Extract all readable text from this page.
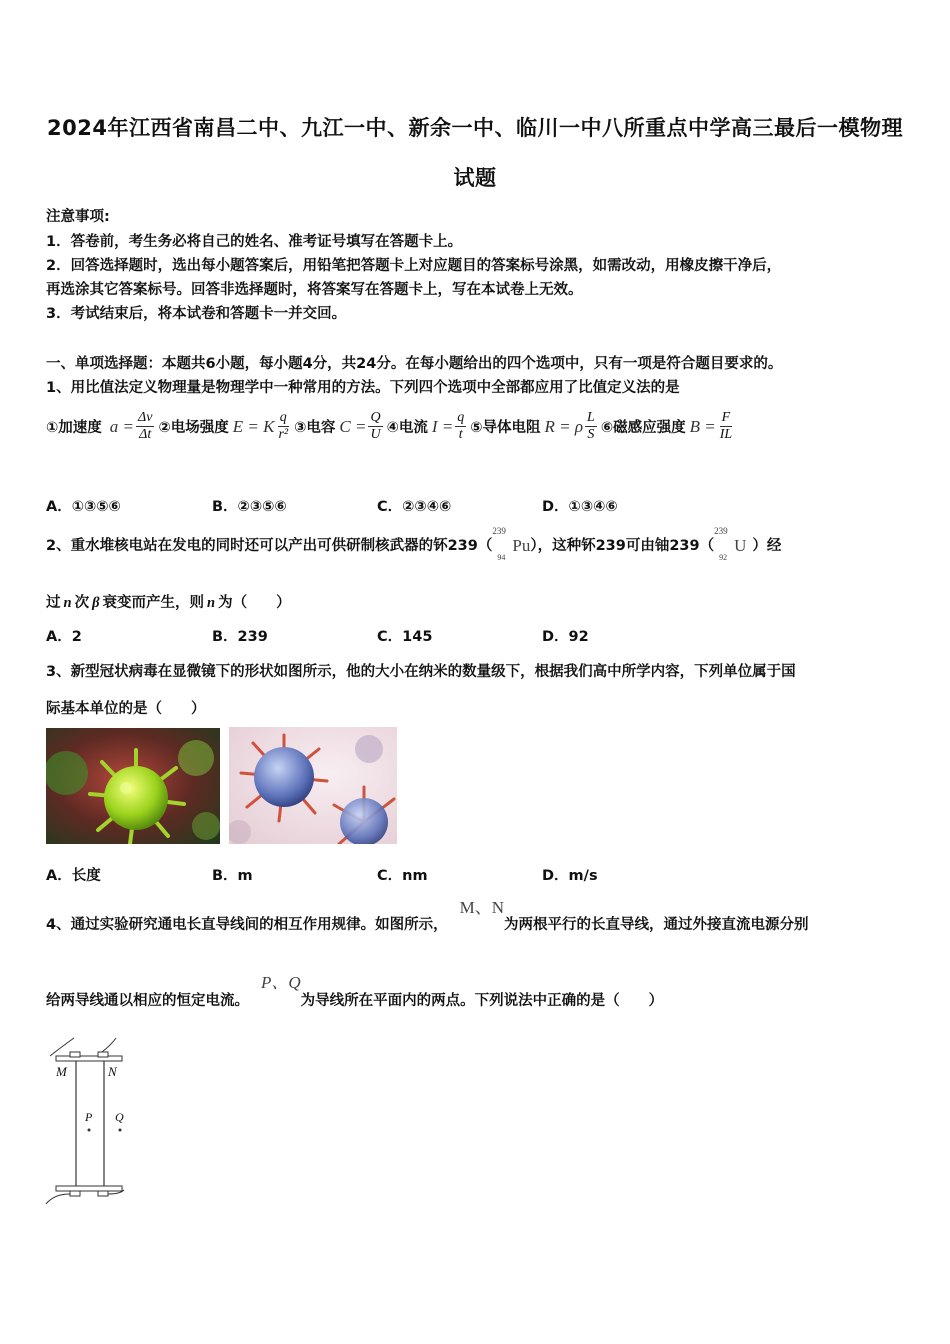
2024年江西省南昌二中、九江一中、新余一中、临川一中八所重点中学高三最后一模物理
试题
注意事项:
1．答卷前，考生务必将自己的姓名、准考证号填写在答题卡上。
2．回答选择题时，选出每小题答案后，用铅笔把答题卡上对应题目的答案标号涂黑，如需改动，用橡皮擦干净后，
再选涂其它答案标号。回答非选择题时，将答案写在答题卡上，写在本试卷上无效。
3．考试结束后，将本试卷和答题卡一并交回。
一、单项选择题：本题共6小题，每小题4分，共24分。在每小题给出的四个选项中，只有一项是符合题目要求的。
1、用比值法定义物理量是物理学中一种常用的方法。下列四个选项中全部都应用了比值定义法的是
①加速度 $a = \frac{\Delta v}{\Delta t}$ ②电场强度 E = K $\frac{q}{\text{r²}}$ ③电容 $C = \frac{Q}{U}$ ④电流 $I = \frac{q}{t}$ ⑤导体电阻 R = ρ $\frac{L}{S}$ ⑥磁感应强度 $B = \frac{F}{IL}$
A．①③⑤⑥	B．②③⑤⑥	C．②③④⑥	D．①③④⑥
2、重水堆核电站在发电的同时还可以产出可供研制核武器的钚239（
239
94
Pu），这种钚239可由铀239（
239
92
U ）经
过 n 次 β 衰变而产生，则 n 为（　　）
A．2	B．239	C．145	D．92
3、新型冠状病毒在显微镜下的形状如图所示，他的大小在纳米的数量级下，根据我们高中所学内容，下列单位属于国
际基本单位的是（　　）
A．长度	B．m	C．nm	D．m/s
4、通过实验研究通电长直导线间的相互作用规律。如图所示，M、N为两根平行的长直导线，通过外接直流电源分别
给两导线通以相应的恒定电流。P、Q为导线所在平面内的两点。下列说法中正确的是（　　）
M	N
P Q
